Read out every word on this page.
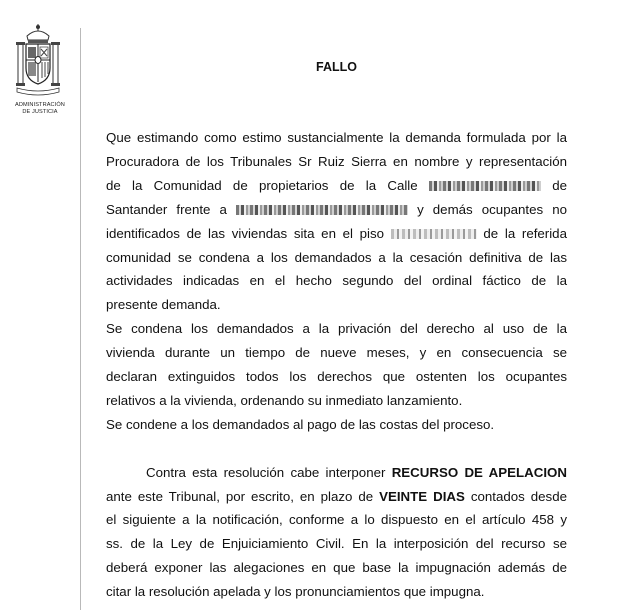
ADMINISTRACIÓN
DE JUSTICIA
FALLO
Que estimando como estimo sustancialmente la demanda formulada por la
Procuradora de los Tribunales Sr Ruiz Sierra en nombre y representación
de la Comunidad de propietarios de la Calle	de
Santander frente a	y demás ocupantes no
identificados de las viviendas sita en el piso	de la referida
comunidad se condena a los demandados a la cesación definitiva de las
actividades indicadas en el hecho segundo del ordinal fáctico de la
presente demanda.
Se condena los demandados a la privación del derecho al uso de la
vivienda durante un tiempo de nueve meses, y en consecuencia se
declaran extinguidos todos los derechos que ostenten los ocupantes
relativos a la vivienda, ordenando su inmediato lanzamiento.
Se condene a los demandados al pago de las costas del proceso.
Contra esta resolución cabe interponer RECURSO DE APELACION
ante este Tribunal, por escrito, en plazo de VEINTE DIAS contados desde
el siguiente a la notificación, conforme a lo dispuesto en el artículo 458 y
ss. de la Ley de Enjuiciamiento Civil. En la interposición del recurso se
deberá exponer las alegaciones en que base la impugnación además de
citar la resolución apelada y los pronunciamientos que impugna.
